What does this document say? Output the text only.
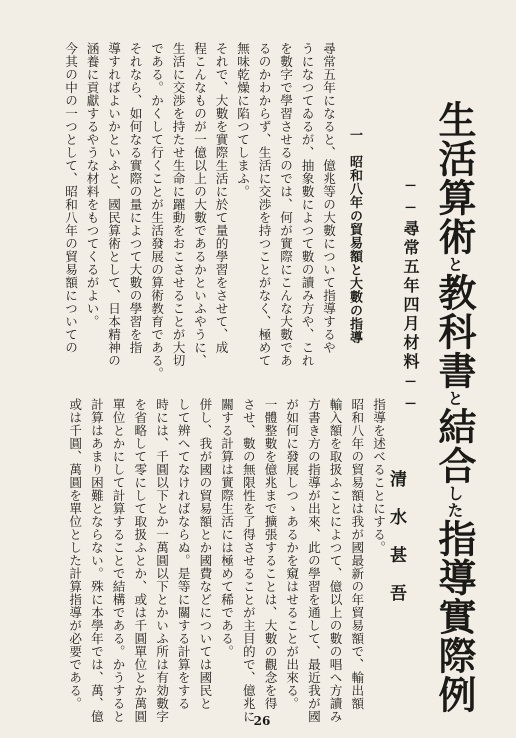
生活算術と教科書と結合した指導實際例
──尋常五年四月材料──
清　水　甚　吾
指導を述べることにする。
昭和八年の貿易額は我が國最新の年貿易額で、輸出額
輸入額を取扱ふことによつて、億以上の數の唱へ方讀み
方書き方の指導が出來、此の學習を通して、最近我が國
が如何に發展しつゝあるかを窺はせることが出來る。
一體整數を億兆まで擴張することは、大數の觀念を得
させ、數の無限性を了得させることが主目的で、億兆に
關する計算は實際生活には極めて稀である。
併し、我が國の貿易額とか國費などについては國民と
して辨へてなければならぬ。是等に關する計算をする
時には、千圓以下とか一萬圓以下とかいふ所は有効數字
を省略して零にして取扱ふとか、或は千圓單位とか萬圓
單位とかにして計算することで結構である。かうすると
計算はあまり困難とならない。殊に本學年では、萬、億
或は千圓、萬圓を單位とした計算指導が必要である。
一　昭和八年の貿易額と大數の指導
尋常五年になると、億兆等の大數について指導するや
うになつてゐるが、抽象數によつて數の讀み方や、これ
を數字で學習させるのでは、何が實際にこんな大數であ
るのかわからず、生活に交渉を持つことがなく、極めて
無味乾燥に陷つてしまふ。
それで、大數を實際生活に於て量的學習をさせて、成
程こんなものが一億以上の大數であるかといふやうに、
生活に交渉を持たせ生命に躍動をおこさせることが大切
である。かくして行くことが生活發展の算術教育である。
それなら、如何なる實際の量によつて大數の學習を指
導すればよいかといふと、國民算術として、日本精神の
涵養に貢獻するやうな材料をもつてくるがよい。
今其の中の一つとして、昭和八年の貿易額についての
26
